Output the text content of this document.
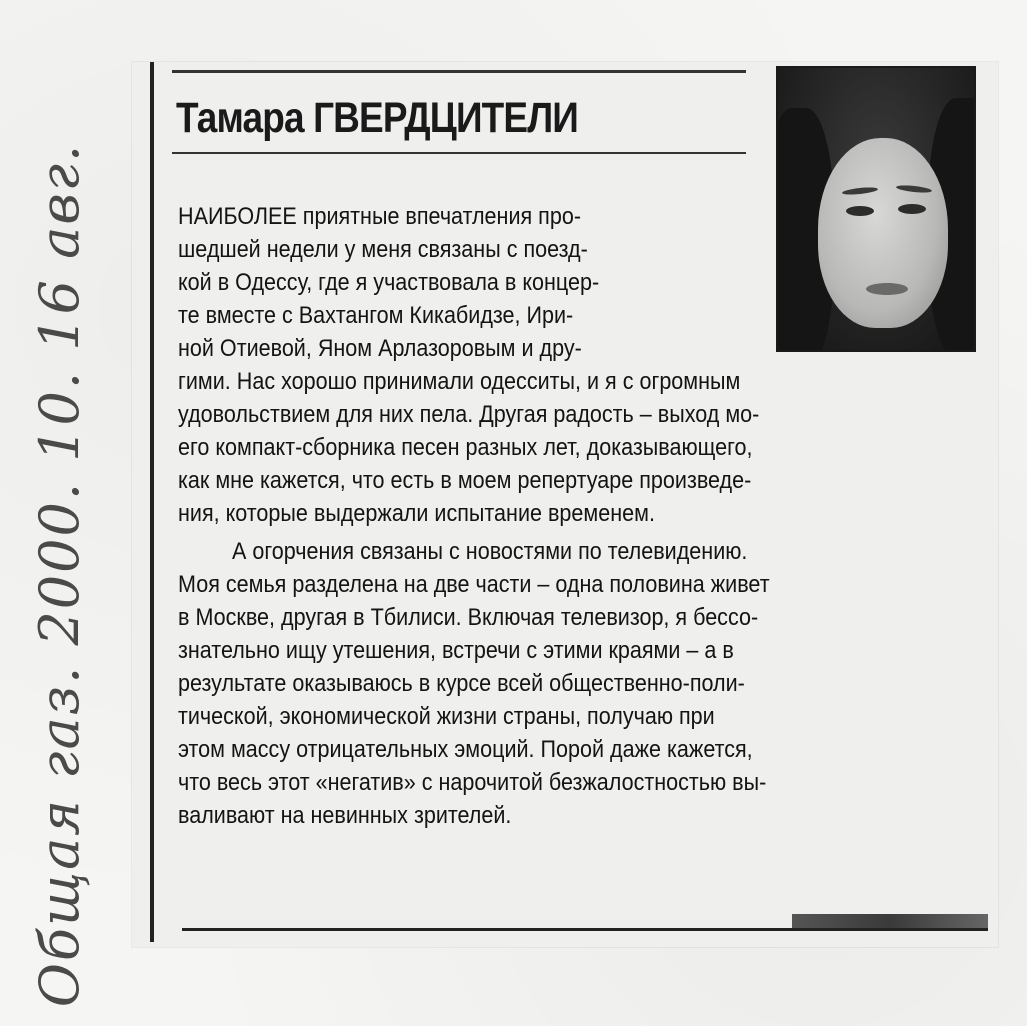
Общая газ. 2000. 10. 16 авг.
Тамара ГВЕРДЦИТЕЛИ
НАИБОЛЕЕ приятные впечатления про-
шедшей недели у меня связаны с поезд-
кой в Одессу, где я участвовала в концер-
те вместе с Вахтангом Кикабидзе, Ири-
ной Отиевой, Яном Арлазоровым и дру-
гими. Нас хорошо принимали одесситы, и я с огромным
удовольствием для них пела. Другая радость – выход мо-
его компакт-сборника песен разных лет, доказывающего,
как мне кажется, что есть в моем репертуаре произведе-
ния, которые выдержали испытание временем.
А огорчения связаны с новостями по телевидению.
Моя семья разделена на две части – одна половина живет
в Москве, другая в Тбилиси. Включая телевизор, я бессо-
знательно ищу утешения, встречи с этими краями – а в
результате оказываюсь в курсе всей общественно-поли-
тической, экономической жизни страны, получаю при
этом массу отрицательных эмоций. Порой даже кажется,
что весь этот «негатив» с нарочитой безжалостностью вы-
валивают на невинных зрителей.
